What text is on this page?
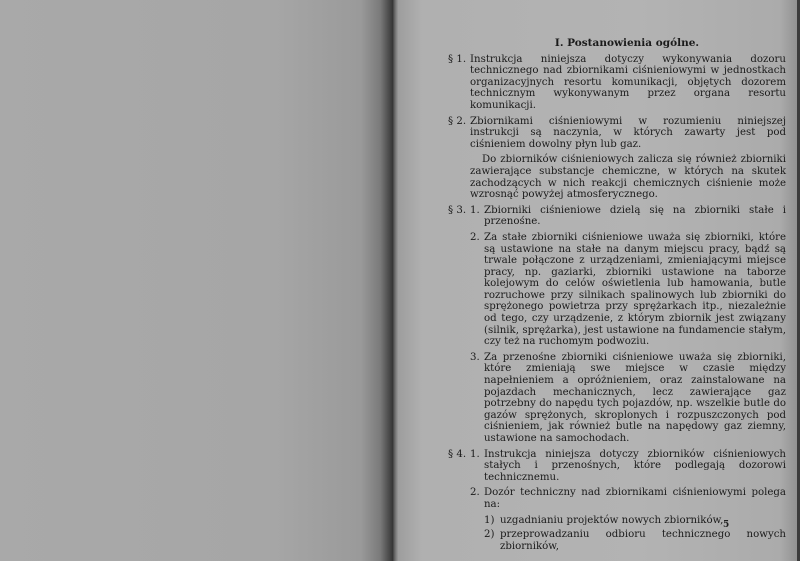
I. Postanowienia ogólne.
§ 1. Instrukcja niniejsza dotyczy wykonywania dozoru technicznego nad zbiornikami ciśnieniowymi w jednostkach organizacyjnych resortu komunikacji, objętych dozorem technicznym wykonywanym przez organa resortu komunikacji.
§ 2. Zbiornikami ciśnieniowymi w rozumieniu niniejszej instrukcji są naczynia, w których zawarty jest pod ciśnieniem dowolny płyn lub gaz.
Do zbiorników ciśnieniowych zalicza się również zbiorniki zawierające substancje chemiczne, w których na skutek zachodzących w nich reakcji chemicznych ciśnienie może wzrosnąć powyżej atmosferycznego.
§ 3. 1. Zbiorniki ciśnieniowe dzielą się na zbiorniki stałe i przenośne.
2. Za stałe zbiorniki ciśnieniowe uważa się zbiorniki, które są ustawione na stałe na danym miejscu pracy, bądź są trwale połączone z urządzeniami, zmieniającymi miejsce pracy, np. gaziarki, zbiorniki ustawione na taborze kolejowym do celów oświetlenia lub hamowania, butle rozruchowe przy silnikach spalinowych lub zbiorniki do sprężonego powietrza przy sprężarkach itp., niezależnie od tego, czy urządzenie, z którym zbiornik jest związany (silnik, sprężarka), jest ustawione na fundamencie stałym, czy też na ruchomym podwoziu.
3. Za przenośne zbiorniki ciśnieniowe uważa się zbiorniki, które zmieniają swe miejsce w czasie między napełnieniem a opróżnieniem, oraz zainstalowane na pojazdach mechanicznych, lecz zawierające gaz potrzebny do napędu tych pojazdów, np. wszelkie butle do gazów sprężonych, skroplonych i rozpuszczonych pod ciśnieniem, jak również butle na napędowy gaz ziemny, ustawione na samochodach.
§ 4. 1. Instrukcja niniejsza dotyczy zbiorników ciśnieniowych stałych i przenośnych, które podlegają dozorowi technicznemu.
2. Dozór techniczny nad zbiornikami ciśnieniowymi polega na:
1) uzgadnianiu projektów nowych zbiorników,
2) przeprowadzaniu odbioru technicznego nowych zbiorników,
5
